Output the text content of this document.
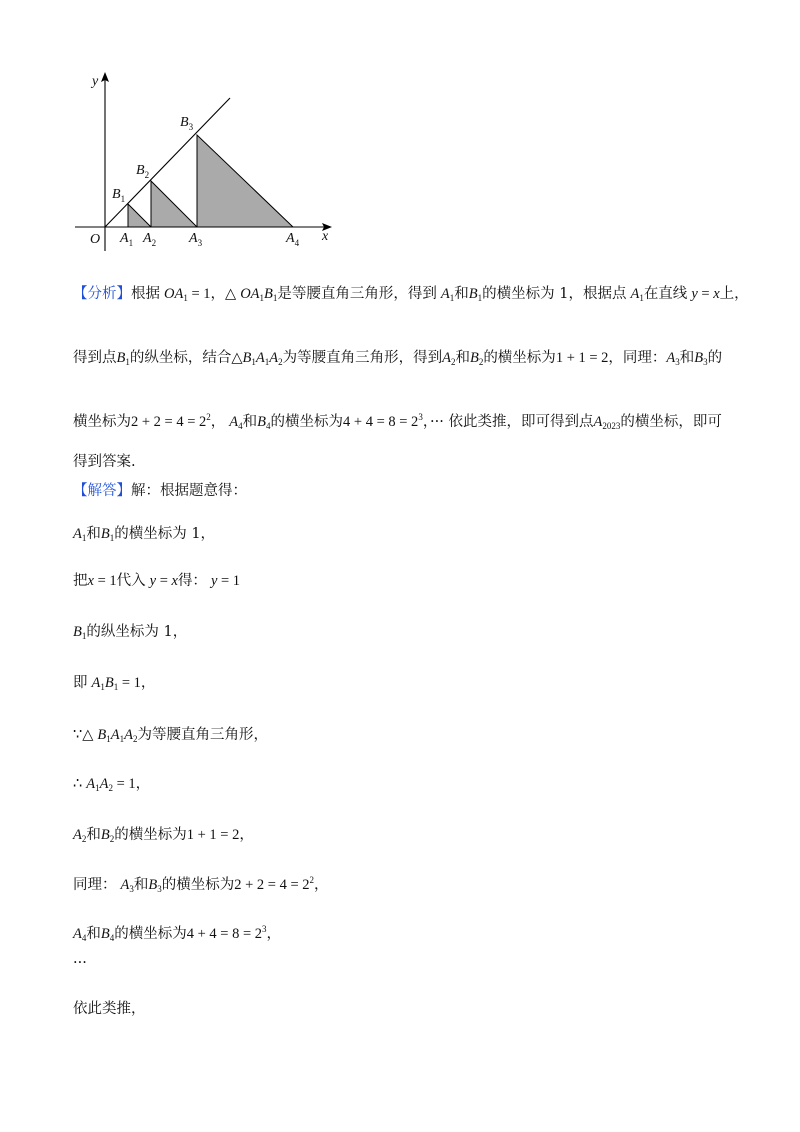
y
x
O
$B_1$
$B_2$
$B_3$
$A_1$ $A_2$ $A_3$	$A_4$
【分析】根据 $OA_1 = 1$，△ $OA_1B_1$是等腰直角三角形，得到 $A_1$和$B_1$的横坐标为 1，根据点 $A_1$在直线 y = x上，
得到点$B_1$的纵坐标，结合$\triangle B_1A_1A_2$为等腰直角三角形，得到$A_2$和$B_2$的横坐标为1 + 1 = 2，同理：$A_3$和$B_3$的
横坐标为$2 + 2 = 4 = 2^2$， $A_4$和$B_4$的横坐标为$4 + 4 = 8 = 2^3$，··· 依此类推，即可得到点$A_{2023}$的横坐标，即可
得到答案.
【解答】解：根据题意得：
$A_1$和$B_1$的横坐标为 1，
把x = 1代入 y = x得： y = 1
$B_1$的纵坐标为 1，
即 $A_1B_1 = 1$，
∵△ $B_1A_1A_2$为等腰直角三角形，
∴ $A_1A_2 = 1$，
$A_2$和$B_2$的横坐标为1 + 1 = 2，
同理： $A_3$和$B_3$的横坐标为$2 + 2 = 4 = 2^2$，
$A_4$和$B_4$的横坐标为$4 + 4 = 8 = 2^3$，
···
依此类推，
